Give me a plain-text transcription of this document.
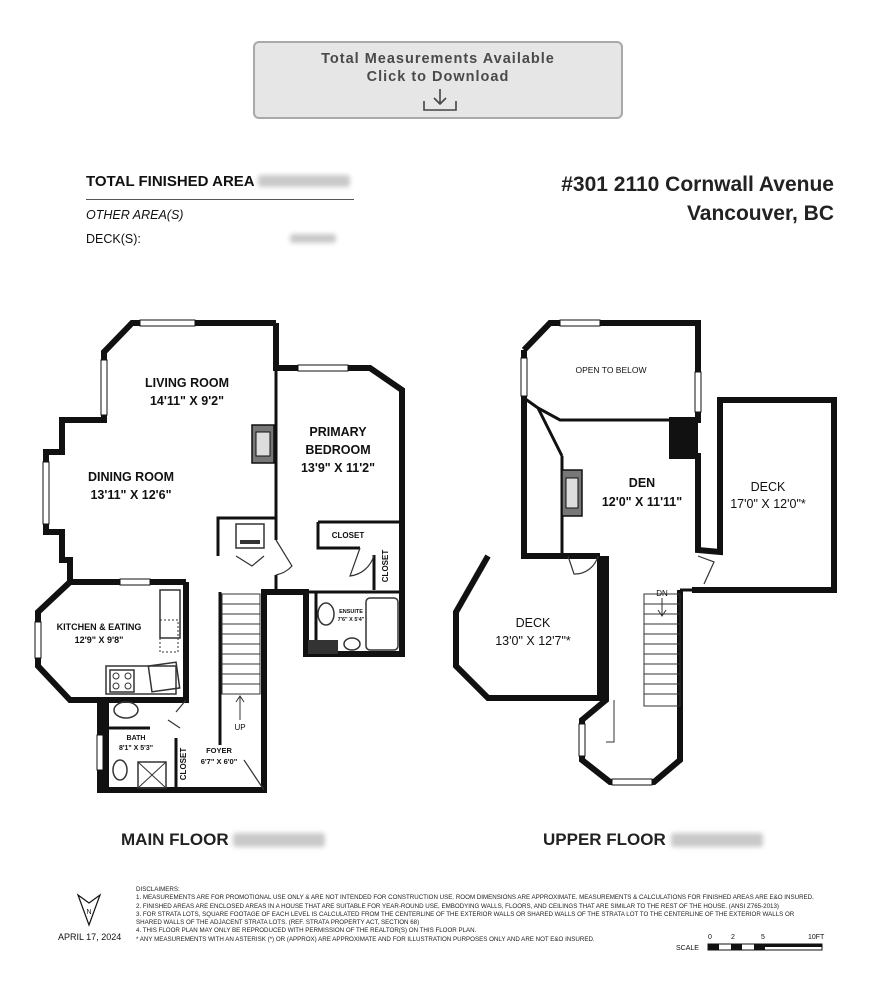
Total Measurements Available
Click to Download
TOTAL FINISHED AREA
OTHER AREA(S)
DECK(S):
#301 2110 Cornwall Avenue
Vancouver, BC
LIVING ROOM
14'11" X 9'2"
DINING ROOM
13'11" X 12'6"
PRIMARY
BEDROOM
13'9" X 11'2"
CLOSET
CLOSET
ENSUITE
7'6" X 5'4"
KITCHEN & EATING
12'9" X 9'8"
BATH
8'1" X 5'3"	CLOSET FOYER
6'7" X 6'0"
UP
OPEN TO BELOW
DEN
12'0" X 11'11"
DECK
17'0" X 12'0"*
DECK
13'0" X 12'7"*
DN
MAIN FLOOR	UPPER FLOOR
N
APRIL 17, 2024
DISCLAIMERS:
1. MEASUREMENTS ARE FOR PROMOTIONAL USE ONLY & ARE NOT INTENDED FOR CONSTRUCTION USE. ROOM DIMENSIONS ARE APPROXIMATE. MEASUREMENTS & CALCULATIONS FOR FINISHED AREAS ARE E&O INSURED.
2. FINISHED AREAS ARE ENCLOSED AREAS IN A HOUSE THAT ARE SUITABLE FOR YEAR-ROUND USE, EMBODYING WALLS, FLOORS, AND CEILINGS THAT ARE SIMILAR TO THE REST OF THE HOUSE. (ANSI Z765-2013)
3. FOR STRATA LOTS, SQUARE FOOTAGE OF EACH LEVEL IS CALCULATED FROM THE CENTERLINE OF THE EXTERIOR WALLS OR SHARED WALLS OF THE STRATA LOT TO THE CENTERLINE OF THE EXTERIOR WALLS OR
SHARED WALLS OF THE ADJACENT STRATA LOTS. (REF. STRATA PROPERTY ACT, SECTION 68)
4. THIS FLOOR PLAN MAY ONLY BE REPRODUCED WITH PERMISSION OF THE REALTOR(S) ON THIS FLOOR PLAN.
* ANY MEASUREMENTS WITH AN ASTERISK (*) OR (APPROX) ARE APPROXIMATE AND FOR ILLUSTRATION PURPOSES ONLY AND ARE NOT E&O INSURED.
SCALE
0	2	5	10FT
